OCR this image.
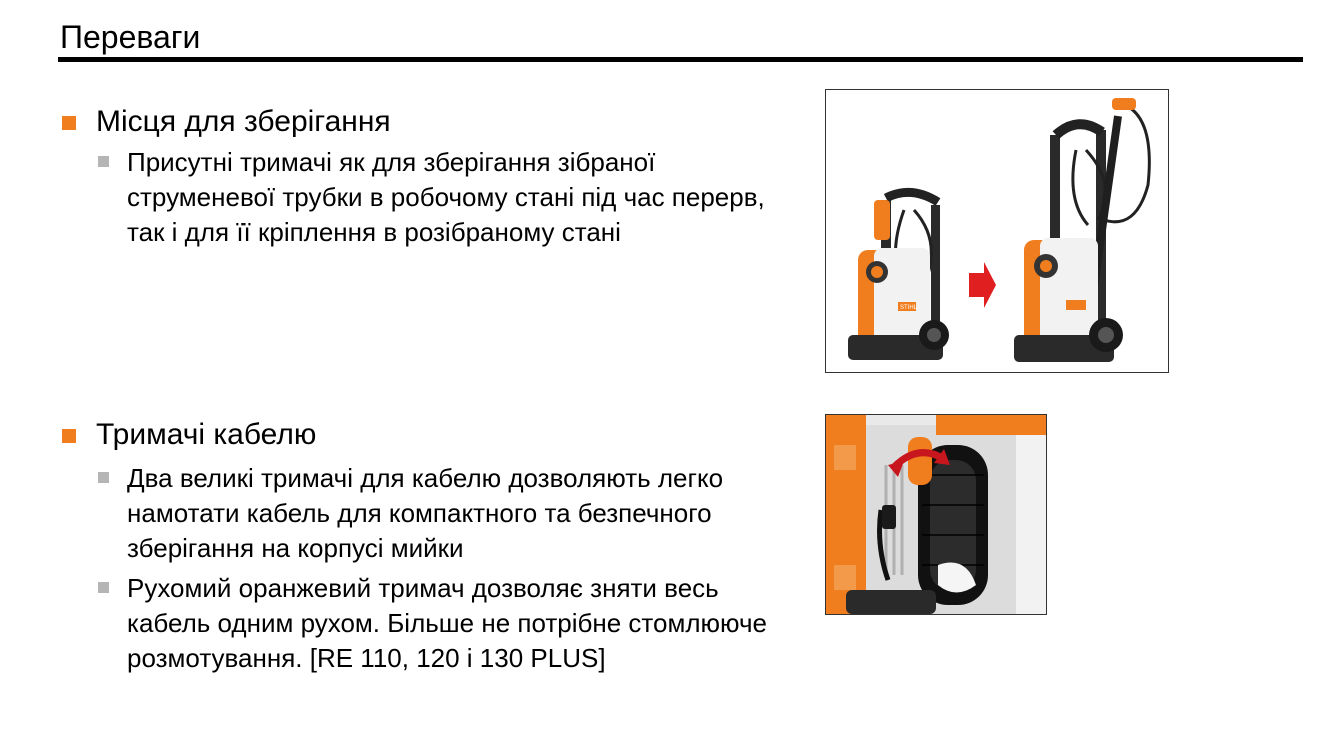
Переваги
Місця для зберігання
Присутні тримачі як для зберігання зібраної струменевої трубки в робочому стані під час перерв, так і для її кріплення в розібраному стані
Тримачі кабелю
Два великі тримачі для кабелю дозволяють легко намотати кабель для компактного та безпечного зберігання на корпусі мийки
Рухомий оранжевий тримач дозволяє зняти весь кабель одним рухом. Більше не потрібне стомлююче розмотування. [RE 110, 120 і 130 PLUS]
STIHL
